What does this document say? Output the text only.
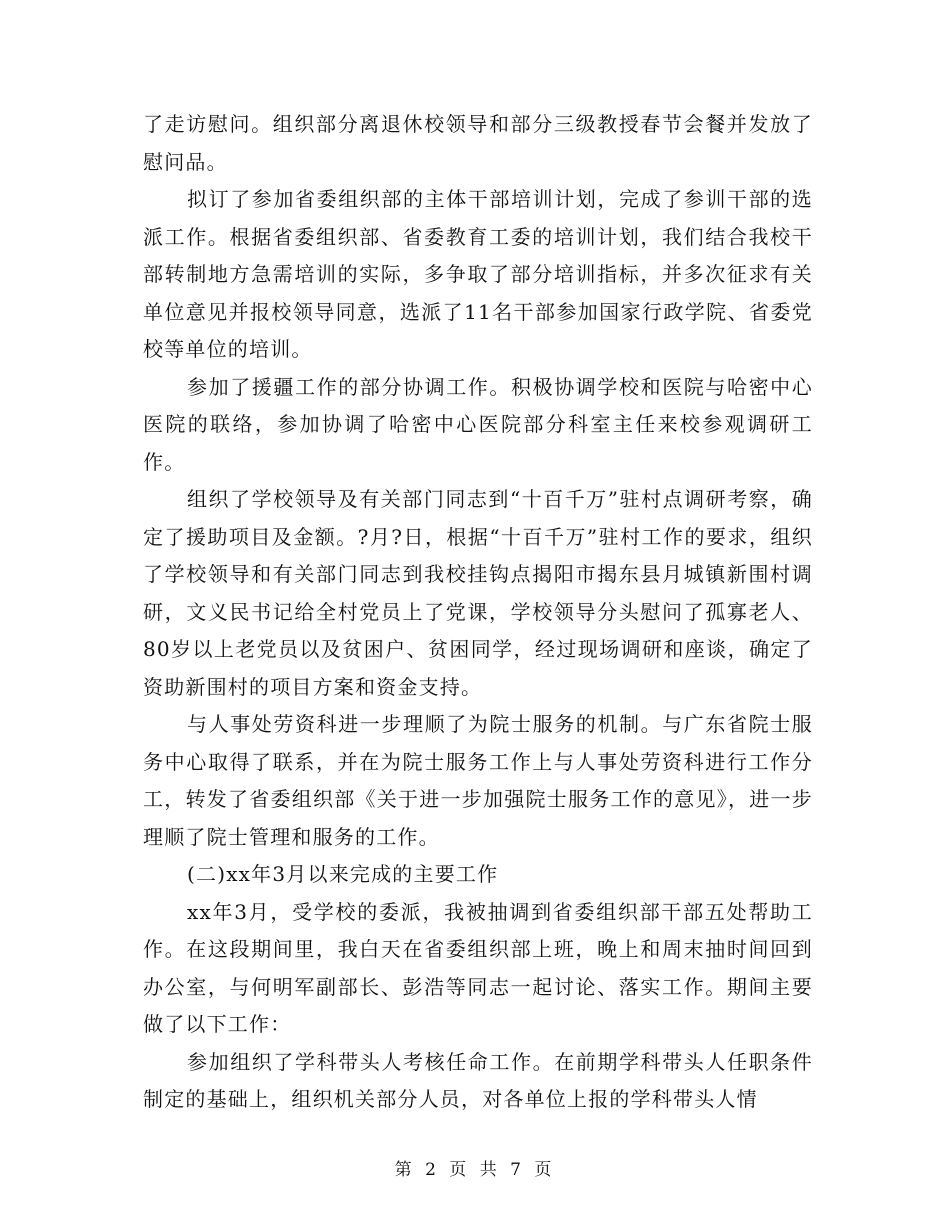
了走访慰问。组织部分离退休校领导和部分三级教授春节会餐并发放了慰问品。

拟订了参加省委组织部的主体干部培训计划，完成了参训干部的选派工作。根据省委组织部、省委教育工委的培训计划，我们结合我校干部转制地方急需培训的实际，多争取了部分培训指标，并多次征求有关单位意见并报校领导同意，选派了11名干部参加国家行政学院、省委党校等单位的培训。

参加了援疆工作的部分协调工作。积极协调学校和医院与哈密中心医院的联络，参加协调了哈密中心医院部分科室主任来校参观调研工作。

组织了学校领导及有关部门同志到“十百千万”驻村点调研考察，确定了援助项目及金额。?月?日，根据“十百千万”驻村工作的要求，组织了学校领导和有关部门同志到我校挂钩点揭阳市揭东县月城镇新围村调研，文义民书记给全村党员上了党课，学校领导分头慰问了孤寡老人、80岁以上老党员以及贫困户、贫困同学，经过现场调研和座谈，确定了资助新围村的项目方案和资金支持。

与人事处劳资科进一步理顺了为院士服务的机制。与广东省院士服务中心取得了联系，并在为院士服务工作上与人事处劳资科进行工作分工，转发了省委组织部《关于进一步加强院士服务工作的意见》，进一步理顺了院士管理和服务的工作。

(二)xx年3月以来完成的主要工作

xx年3月，受学校的委派，我被抽调到省委组织部干部五处帮助工作。在这段期间里，我白天在省委组织部上班，晚上和周末抽时间回到办公室，与何明军副部长、彭浩等同志一起讨论、落实工作。期间主要做了以下工作：

参加组织了学科带头人考核任命工作。在前期学科带头人任职条件制定的基础上，组织机关部分人员，对各单位上报的学科带头人情

第 2 页 共 7 页
